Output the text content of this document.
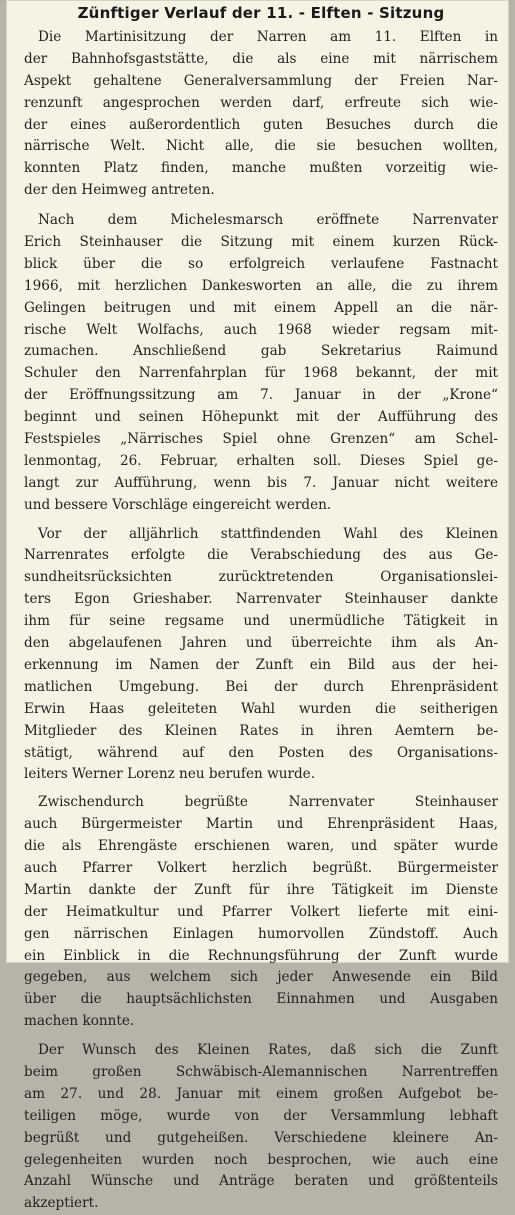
Zünftiger Verlauf der 11. - Elften - Sitzung
Die Martinisitzung der Narren am 11. Elften in
der Bahnhofsgaststätte, die als eine mit närrischem
Aspekt gehaltene Generalversammlung der Freien Nar-
renzunft angesprochen werden darf, erfreute sich wie-
der eines außerordentlich guten Besuches durch die
närrische Welt. Nicht alle, die sie besuchen wollten,
konnten Platz finden, manche mußten vorzeitig wie-
der den Heimweg antreten.
Nach dem Michelesmarsch eröffnete Narrenvater
Erich Steinhauser die Sitzung mit einem kurzen Rück-
blick über die so erfolgreich verlaufene Fastnacht
1966, mit herzlichen Dankesworten an alle, die zu ihrem
Gelingen beitrugen und mit einem Appell an die när-
rische Welt Wolfachs, auch 1968 wieder regsam mit-
zumachen. Anschließend gab Sekretarius Raimund
Schuler den Narrenfahrplan für 1968 bekannt, der mit
der Eröffnungssitzung am 7. Januar in der „Krone“
beginnt und seinen Höhepunkt mit der Aufführung des
Festspieles „Närrisches Spiel ohne Grenzen“ am Schel-
lenmontag, 26. Februar, erhalten soll. Dieses Spiel ge-
langt zur Aufführung, wenn bis 7. Januar nicht weitere
und bessere Vorschläge eingereicht werden.
Vor der alljährlich stattfindenden Wahl des Kleinen
Narrenrates erfolgte die Verabschiedung des aus Ge-
sundheitsrücksichten zurücktretenden Organisationslei-
ters Egon Grieshaber. Narrenvater Steinhauser dankte
ihm für seine regsame und unermüdliche Tätigkeit in
den abgelaufenen Jahren und überreichte ihm als An-
erkennung im Namen der Zunft ein Bild aus der hei-
matlichen Umgebung. Bei der durch Ehrenpräsident
Erwin Haas geleiteten Wahl wurden die seitherigen
Mitglieder des Kleinen Rates in ihren Aemtern be-
stätigt, während auf den Posten des Organisations-
leiters Werner Lorenz neu berufen wurde.
Zwischendurch begrüßte Narrenvater Steinhauser
auch Bürgermeister Martin und Ehrenpräsident Haas,
die als Ehrengäste erschienen waren, und später wurde
auch Pfarrer Volkert herzlich begrüßt. Bürgermeister
Martin dankte der Zunft für ihre Tätigkeit im Dienste
der Heimatkultur und Pfarrer Volkert lieferte mit eini-
gen närrischen Einlagen humorvollen Zündstoff. Auch
ein Einblick in die Rechnungsführung der Zunft wurde
gegeben, aus welchem sich jeder Anwesende ein Bild
über die hauptsächlichsten Einnahmen und Ausgaben
machen konnte.
Der Wunsch des Kleinen Rates, daß sich die Zunft
beim großen Schwäbisch-Alemannischen Narrentreffen
am 27. und 28. Januar mit einem großen Aufgebot be-
teiligen möge, wurde von der Versammlung lebhaft
begrüßt und gutgeheißen. Verschiedene kleinere An-
gelegenheiten wurden noch besprochen, wie auch eine
Anzahl Wünsche und Anträge beraten und größtenteils
akzeptiert.
